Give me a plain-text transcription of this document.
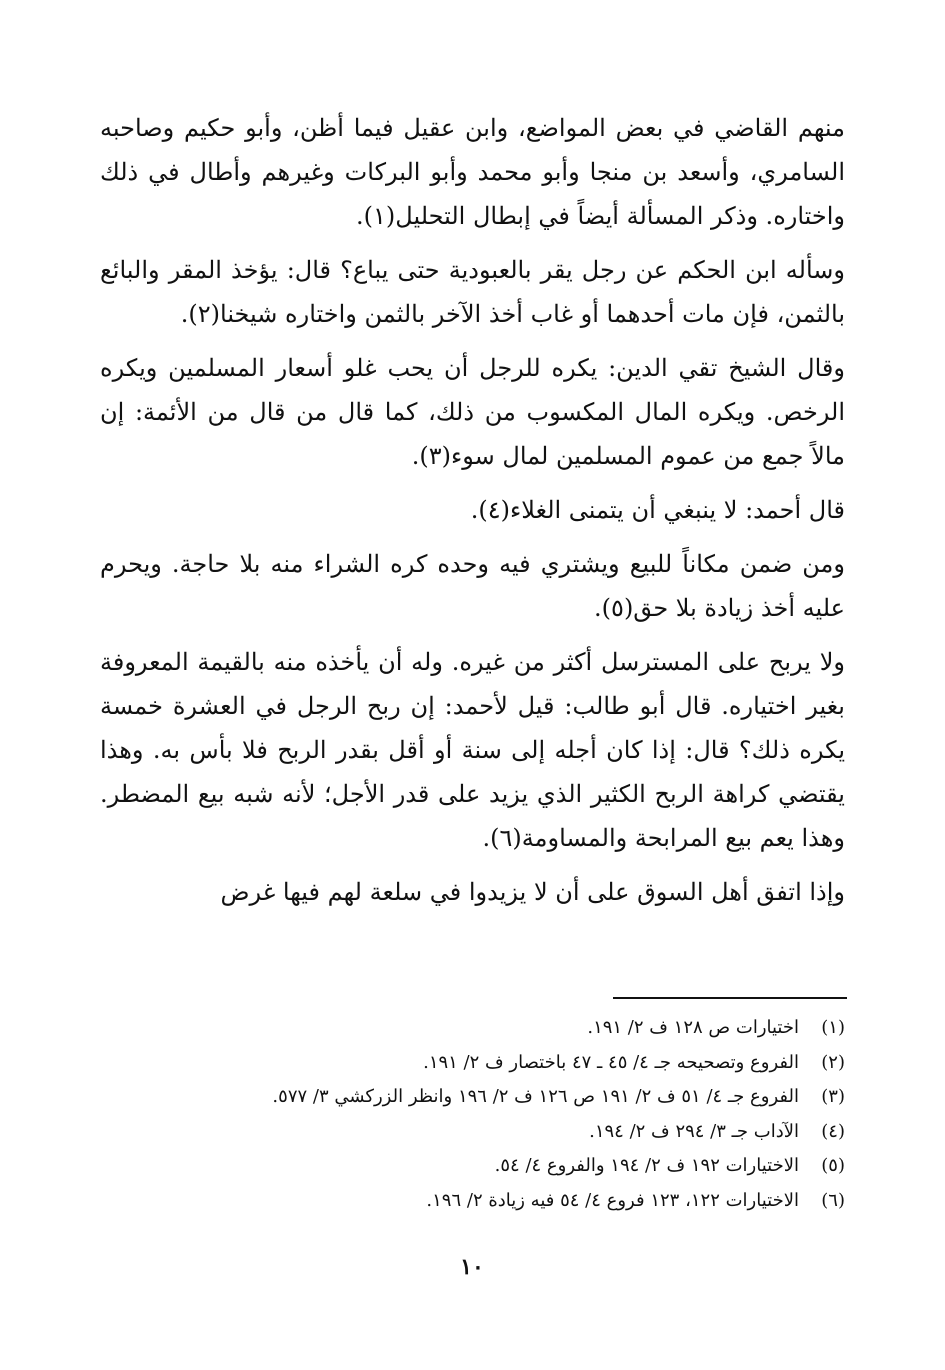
منهم القاضي في بعض المواضع، وابن عقيل فيما أظن، وأبو حكيم وصاحبه السامري، وأسعد بن منجا وأبو محمد وأبو البركات وغيرهم وأطال في ذلك واختاره. وذكر المسألة أيضاً في إبطال التحليل(١).

وسأله ابن الحكم عن رجل يقر بالعبودية حتى يباع؟ قال: يؤخذ المقر والبائع بالثمن، فإن مات أحدهما أو غاب أخذ الآخر بالثمن واختاره شيخنا(٢).

وقال الشيخ تقي الدين: يكره للرجل أن يحب غلو أسعار المسلمين ويكره الرخص. ويكره المال المكسوب من ذلك، كما قال من قال من الأئمة: إن مالاً جمع من عموم المسلمين لمال سوء(٣).

قال أحمد: لا ينبغي أن يتمنى الغلاء(٤).

ومن ضمن مكاناً للبيع ويشتري فيه وحده كره الشراء منه بلا حاجة. ويحرم عليه أخذ زيادة بلا حق(٥).

ولا يربح على المسترسل أكثر من غيره. وله أن يأخذه منه بالقيمة المعروفة بغير اختياره. قال أبو طالب: قيل لأحمد: إن ربح الرجل في العشرة خمسة يكره ذلك؟ قال: إذا كان أجله إلى سنة أو أقل بقدر الربح فلا بأس به. وهذا يقتضي كراهة الربح الكثير الذي يزيد على قدر الأجل؛ لأنه شبه بيع المضطر. وهذا يعم بيع المرابحة والمساومة(٦).

وإذا اتفق أهل السوق على أن لا يزيدوا في سلعة لهم فيها غرض

(١)
اختيارات ص ١٢٨ ف ٢/ ١٩١.
(٢)
الفروع وتصحيحه جـ ٤/ ٤٥ ـ ٤٧ باختصار ف ٢/ ١٩١.
(٣)
الفروع جـ ٤/ ٥١ ف ٢/ ١٩١ ص ١٢٦ ف ٢/ ١٩٦ وانظر الزركشي ٣/ ٥٧٧.
(٤)
الآداب جـ ٣/ ٢٩٤ ف ٢/ ١٩٤.
(٥)
الاختيارات ١٩٢ ف ٢/ ١٩٤ والفروع ٤/ ٥٤.
(٦)
الاختيارات ١٢٢، ١٢٣ فروع ٤/ ٥٤ فيه زيادة ٢/ ١٩٦.
١٠
